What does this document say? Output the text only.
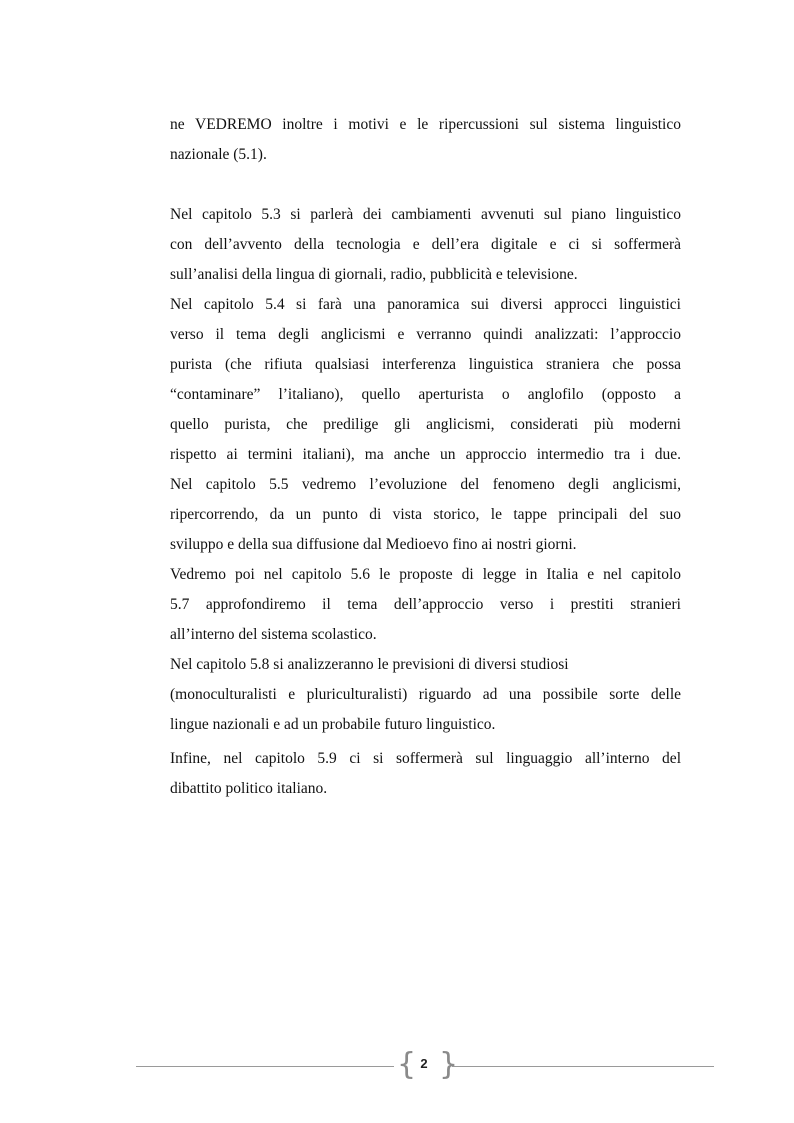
ne VEDREMO inoltre i motivi e le ripercussioni sul sistema linguistico
nazionale (5.1).
Nel capitolo 5.3 si parlerà dei cambiamenti avvenuti sul piano linguistico
con dell’avvento della tecnologia e dell’era digitale e ci si soffermerà
sull’analisi della lingua di giornali, radio, pubblicità e televisione.
Nel capitolo 5.4 si farà una panoramica sui diversi approcci linguistici
verso il tema degli anglicismi e verranno quindi analizzati: l’approccio
purista (che rifiuta qualsiasi interferenza linguistica straniera che possa
“contaminare” l’italiano), quello aperturista o anglofilo (opposto a
quello purista, che predilige gli anglicismi, considerati più moderni
rispetto ai termini italiani), ma anche un approccio intermedio tra i due.
Nel capitolo 5.5 vedremo l’evoluzione del fenomeno degli anglicismi,
ripercorrendo, da un punto di vista storico, le tappe principali del suo
sviluppo e della sua diffusione dal Medioevo fino ai nostri giorni.
Vedremo poi nel capitolo 5.6 le proposte di legge in Italia e nel capitolo
5.7 approfondiremo il tema dell’approccio verso i prestiti stranieri
all’interno del sistema scolastico.
Nel capitolo 5.8 si analizzeranno le previsioni di diversi studiosi
(monoculturalisti e pluriculturalisti) riguardo ad una possibile sorte delle
lingue nazionali e ad un probabile futuro linguistico.
Infine, nel capitolo 5.9 ci si soffermerà sul linguaggio all’interno del
dibattito politico italiano.
{ 2 }
